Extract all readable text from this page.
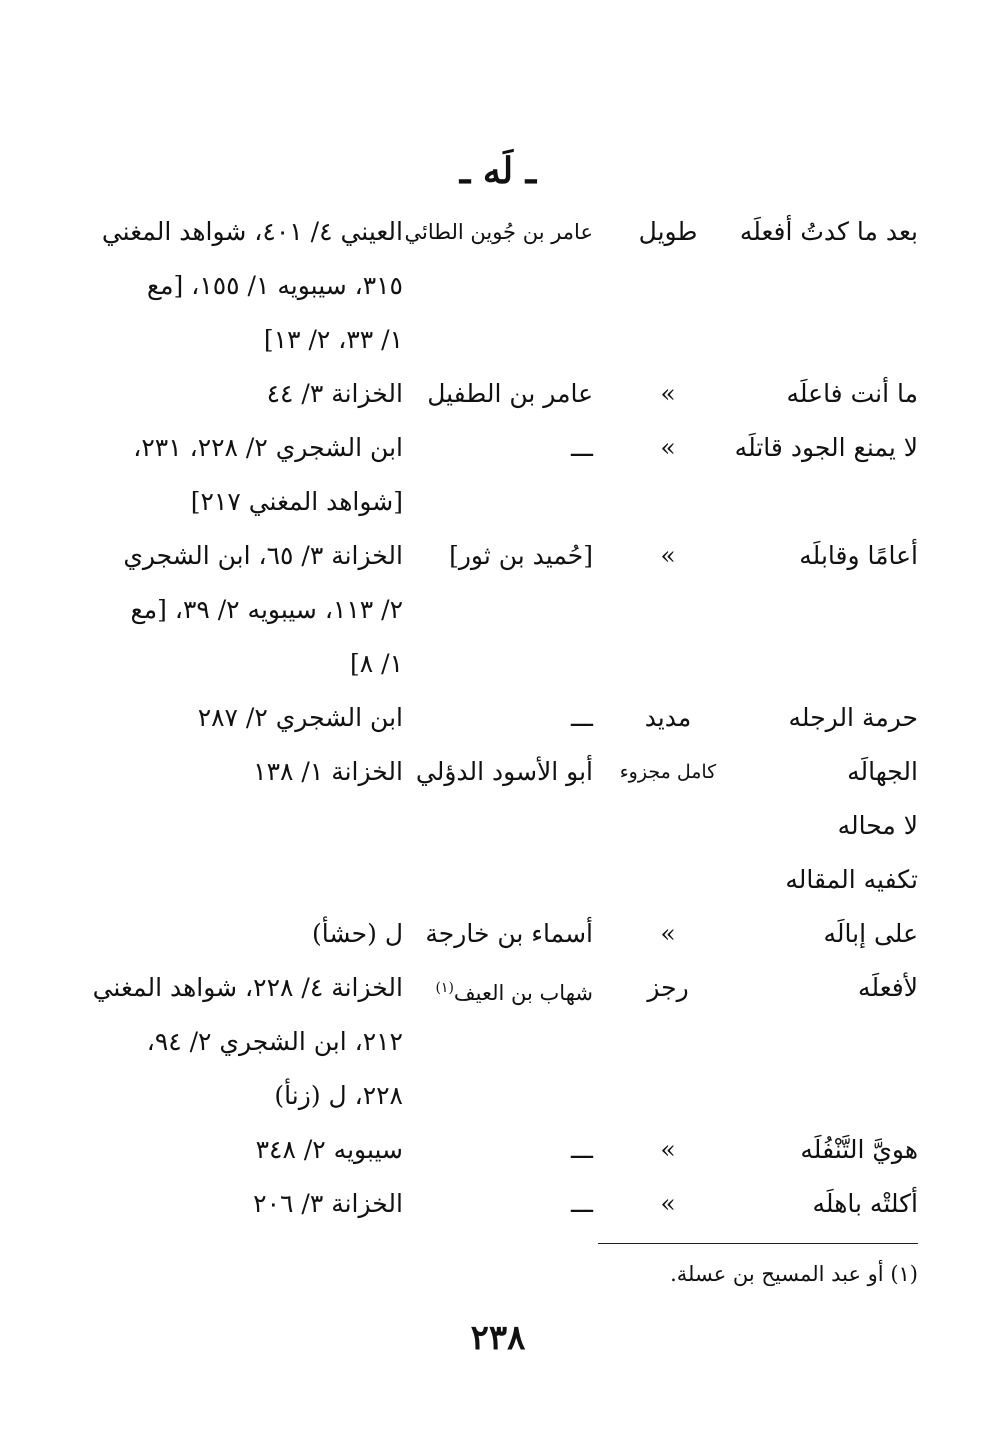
ـ لَه ـ
بعد ما كدتُ أفعلَه
طويل
عامر بن جُوين الطائي
العيني ٤/ ٤٠١، شواهد المغني
٣١٥، سيبويه ١/ ١٥٥، [مع
١/ ٣٣، ٢/ ١٣]
ما أنت فاعلَه
»
عامر بن الطفيل
الخزانة ٣/ ٤٤
لا يمنع الجود قاتلَه
»
ـــ
ابن الشجري ٢/ ٢٢٨، ٢٣١،
[شواهد المغني ٢١٧]
أعامًا وقابلَه
»
[حُميد بن ثور]
الخزانة ٣/ ٦٥، ابن الشجري
٢/ ١١٣، سيبويه ٢/ ٣٩، [مع
١/ ٨]
حرمة الرجله
مديد
ـــ
ابن الشجري ٢/ ٢٨٧
الجهالَه
كامل مجزوء
أبو الأسود الدؤلي
الخزانة ١/ ١٣٨
لا محاله
تكفيه المقاله
على إبالَه
»
أسماء بن خارجة
ل (حشأ)
لأفعلَه
رجز
شهاب بن العيف$^{(١)}$
الخزانة ٤/ ٢٢٨، شواهد المغني
٢١٢، ابن الشجري ٢/ ٩٤،
٢٢٨، ل (زنأ)
هويَّ التَّنْفُلَه
»
ـــ
سيبويه ٢/ ٣٤٨
أكلتْه باهلَه
»
ـــ
الخزانة ٣/ ٢٠٦
(١) أو عبد المسيح بن عسلة.
٢٣٨
